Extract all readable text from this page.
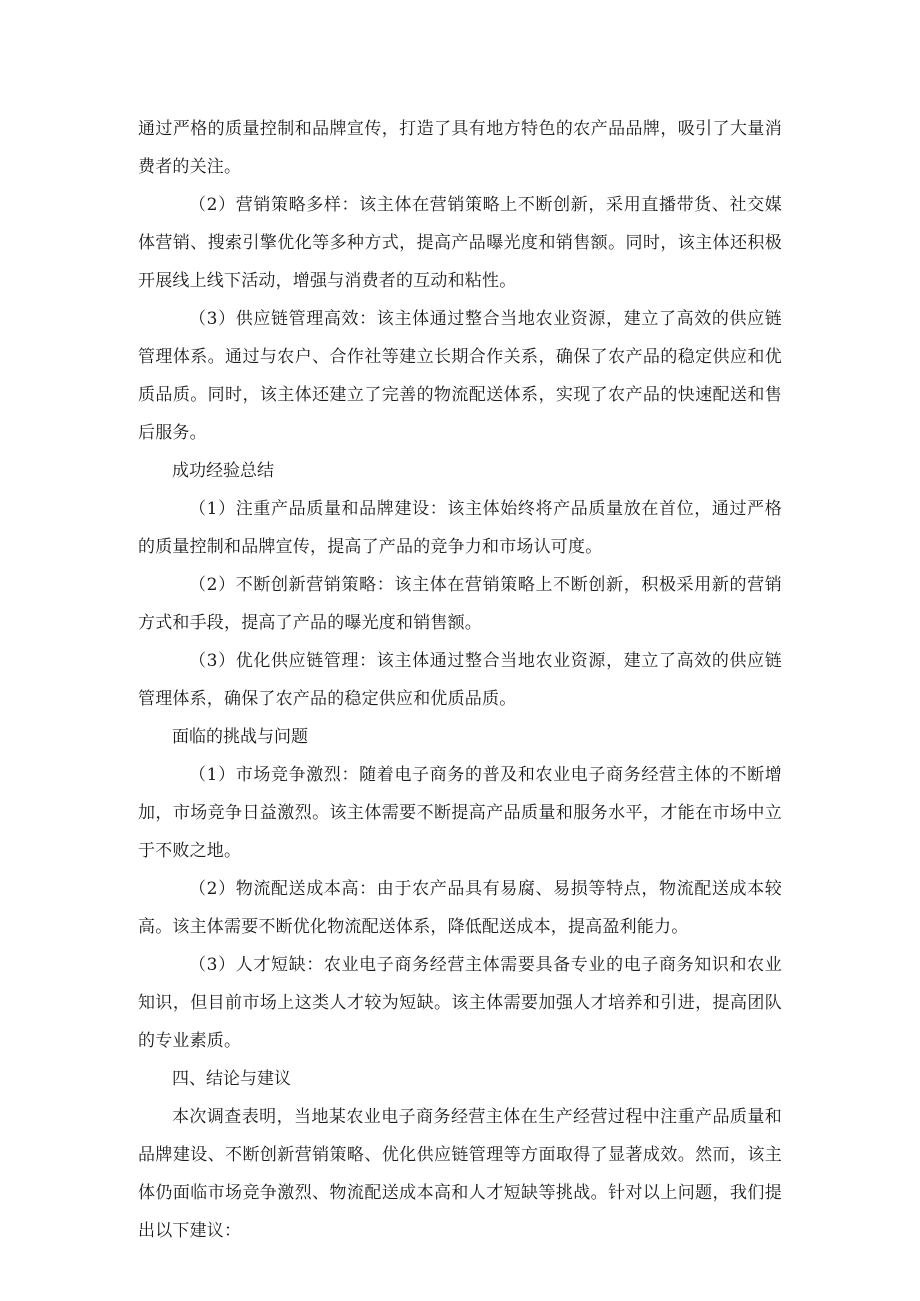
通过严格的质量控制和品牌宣传，打造了具有地方特色的农产品品牌，吸引了大量消费者的关注。

（2）营销策略多样：该主体在营销策略上不断创新，采用直播带货、社交媒体营销、搜索引擎优化等多种方式，提高产品曝光度和销售额。同时，该主体还积极开展线上线下活动，增强与消费者的互动和粘性。

（3）供应链管理高效：该主体通过整合当地农业资源，建立了高效的供应链管理体系。通过与农户、合作社等建立长期合作关系，确保了农产品的稳定供应和优质品质。同时，该主体还建立了完善的物流配送体系，实现了农产品的快速配送和售后服务。

成功经验总结

（1）注重产品质量和品牌建设：该主体始终将产品质量放在首位，通过严格的质量控制和品牌宣传，提高了产品的竞争力和市场认可度。

（2）不断创新营销策略：该主体在营销策略上不断创新，积极采用新的营销方式和手段，提高了产品的曝光度和销售额。

（3）优化供应链管理：该主体通过整合当地农业资源，建立了高效的供应链管理体系，确保了农产品的稳定供应和优质品质。

面临的挑战与问题

（1）市场竞争激烈：随着电子商务的普及和农业电子商务经营主体的不断增加，市场竞争日益激烈。该主体需要不断提高产品质量和服务水平，才能在市场中立于不败之地。

（2）物流配送成本高：由于农产品具有易腐、易损等特点，物流配送成本较高。该主体需要不断优化物流配送体系，降低配送成本，提高盈利能力。

（3）人才短缺：农业电子商务经营主体需要具备专业的电子商务知识和农业知识，但目前市场上这类人才较为短缺。该主体需要加强人才培养和引进，提高团队的专业素质。

四、结论与建议

本次调查表明，当地某农业电子商务经营主体在生产经营过程中注重产品质量和品牌建设、不断创新营销策略、优化供应链管理等方面取得了显著成效。然而，该主体仍面临市场竞争激烈、物流配送成本高和人才短缺等挑战。针对以上问题，我们提出以下建议：
